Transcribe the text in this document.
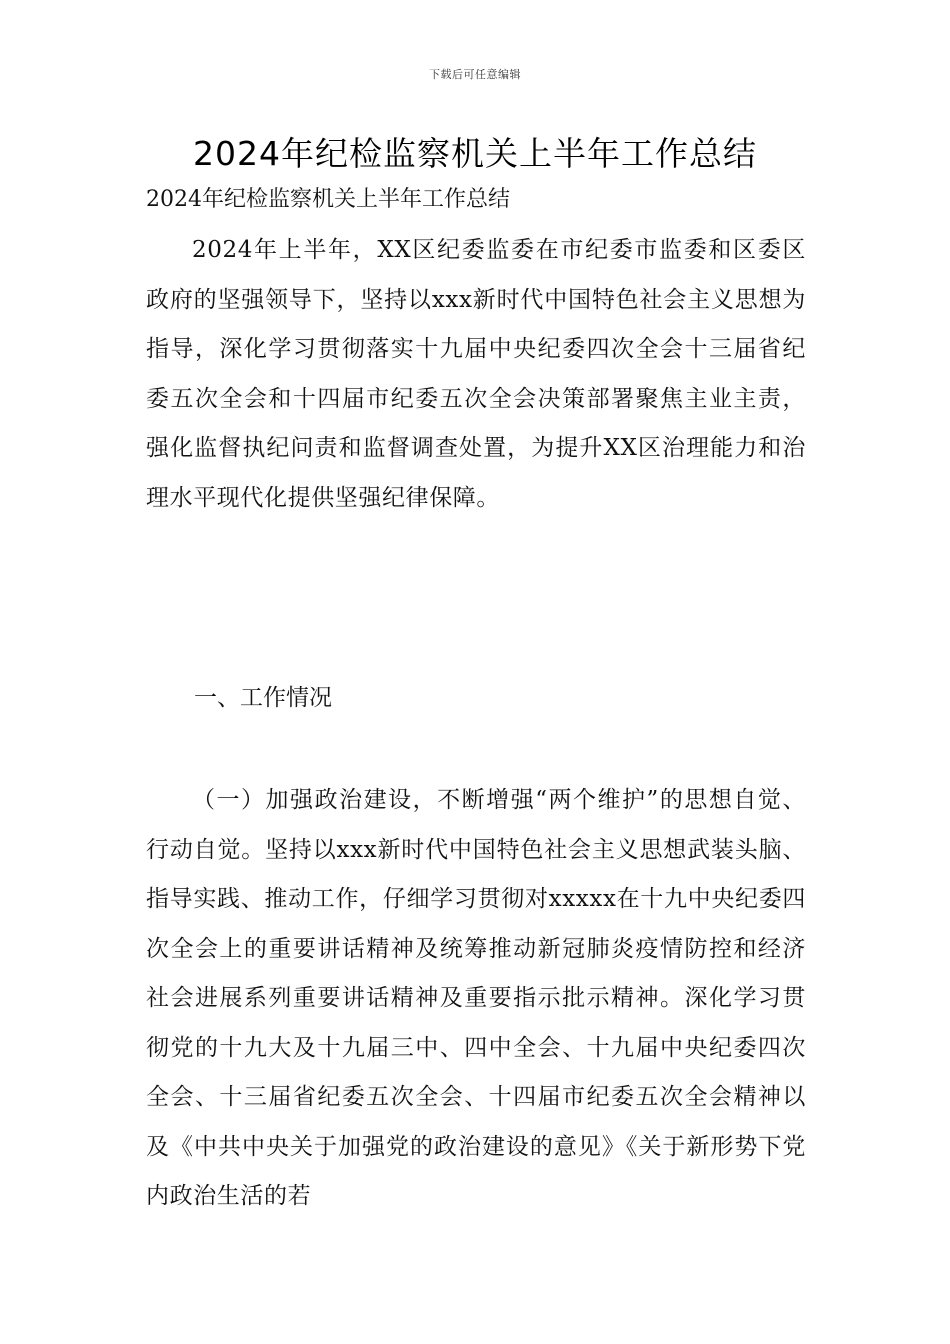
下载后可任意编辑
2024年纪检监察机关上半年工作总结
2024年纪检监察机关上半年工作总结

2024年上半年，XX区纪委监委在市纪委市监委和区委区政府的坚强领导下，坚持以xxx新时代中国特色社会主义思想为指导，深化学习贯彻落实十九届中央纪委四次全会十三届省纪委五次全会和十四届市纪委五次全会决策部署聚焦主业主责，强化监督执纪问责和监督调查处置，为提升XX区治理能力和治理水平现代化提供坚强纪律保障。

一、工作情况

（一）加强政治建设，不断增强“两个维护”的思想自觉、行动自觉。坚持以xxx新时代中国特色社会主义思想武装头脑、指导实践、推动工作，仔细学习贯彻对xxxxx在十九中央纪委四次全会上的重要讲话精神及统筹推动新冠肺炎疫情防控和经济社会进展系列重要讲话精神及重要指示批示精神。深化学习贯彻党的十九大及十九届三中、四中全会、十九届中央纪委四次全会、十三届省纪委五次全会、十四届市纪委五次全会精神以及《中共中央关于加强党的政治建设的意见》《关于新形势下党内政治生活的若
